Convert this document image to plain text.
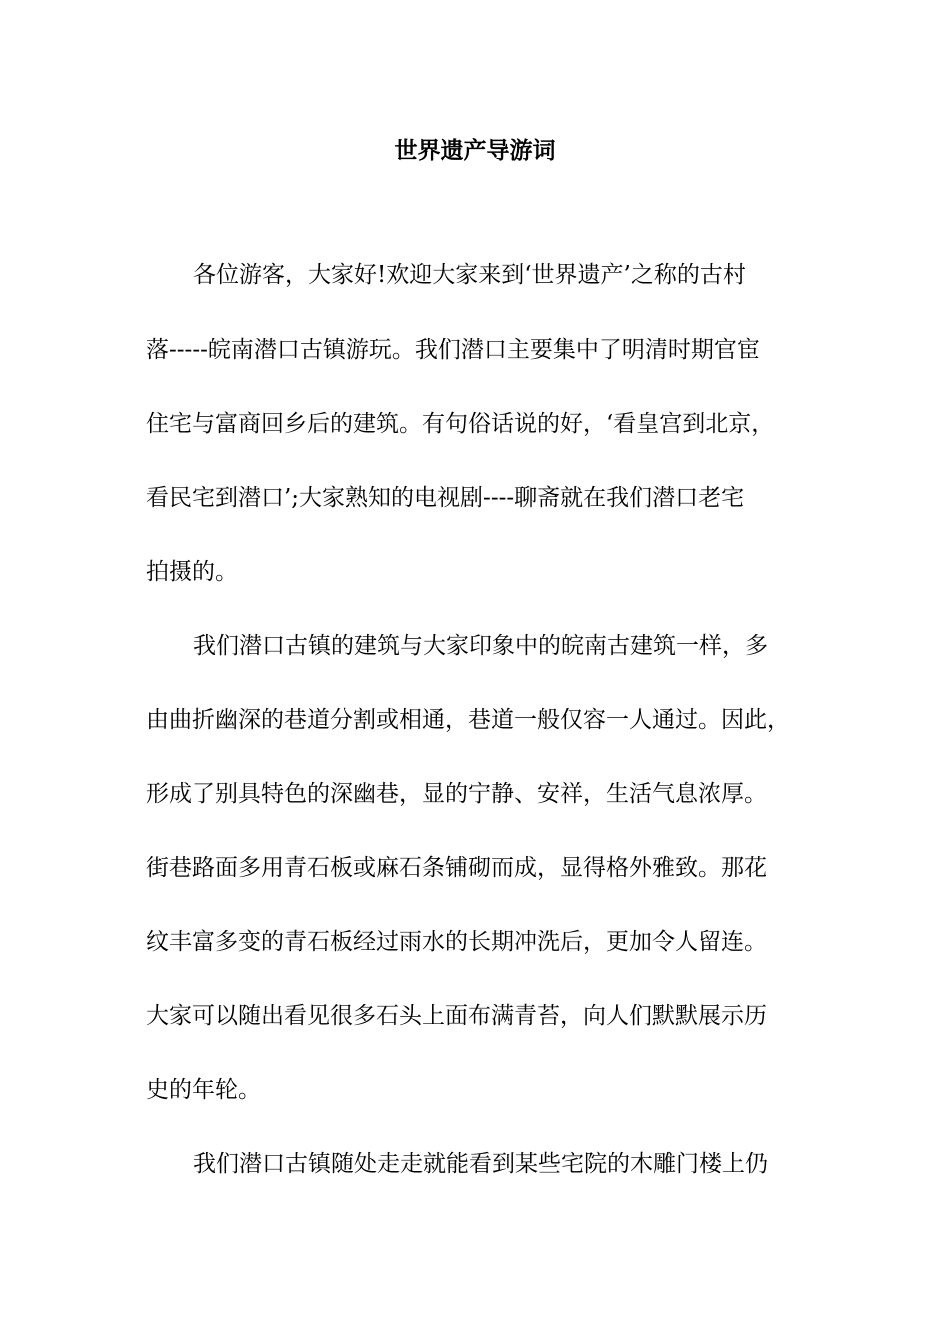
世界遗产导游词
各位游客，大家好!欢迎大家来到‘世界遗产’之称的古村
落-----皖南潜口古镇游玩。我们潜口主要集中了明清时期官宦
住宅与富商回乡后的建筑。有句俗话说的好，‘看皇宫到北京，
看民宅到潜口’;大家熟知的电视剧----聊斋就在我们潜口老宅
拍摄的。
我们潜口古镇的建筑与大家印象中的皖南古建筑一样，多
由曲折幽深的巷道分割或相通，巷道一般仅容一人通过。因此，
形成了别具特色的深幽巷，显的宁静、安祥，生活气息浓厚。
街巷路面多用青石板或麻石条铺砌而成，显得格外雅致。那花
纹丰富多变的青石板经过雨水的长期冲洗后，更加令人留连。
大家可以随出看见很多石头上面布满青苔，向人们默默展示历
史的年轮。
我们潜口古镇随处走走就能看到某些宅院的木雕门楼上仍
